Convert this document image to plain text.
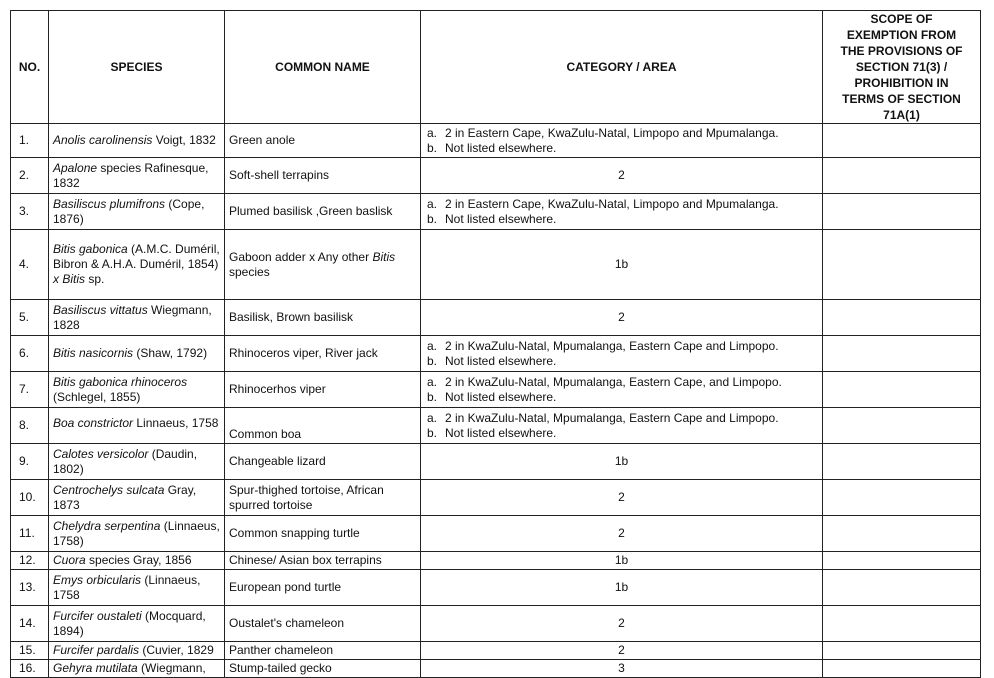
NO.	SPECIES	COMMON NAME	CATEGORY / AREA	SCOPE OF EXEMPTION FROM THE PROVISIONS OF SECTION 71(3) / PROHIBITION IN TERMS OF SECTION 71A(1)
1.	Anolis carolinensis Voigt, 1832	Green anole	a. 2 in Eastern Cape, KwaZulu-Natal, Limpopo and Mpumalanga.
b. Not listed elsewhere.	

2.	Apalone species Rafinesque, 1832	Soft-shell terrapins	2	
3.	Basiliscus plumifrons (Cope, 1876)	Plumed basilisk ,Green baslisk	a. 2 in Eastern Cape, KwaZulu-Natal, Limpopo and Mpumalanga.
b. Not listed elsewhere.	

4.	Bitis gabonica (A.M.C. Duméril, Bibron & A.H.A. Duméril, 1854)
x Bitis sp.	Gaboon adder x Any other Bitis species	1b	
5.	Basiliscus vittatus Wiegmann, 1828	Basilisk, Brown basilisk	2	
6.	Bitis nasicornis (Shaw, 1792)	Rhinoceros viper, River jack	a. 2 in KwaZulu-Natal, Mpumalanga, Eastern Cape and Limpopo.
b. Not listed elsewhere.	

7.	Bitis gabonica rhinoceros (Schlegel, 1855)	Rhinocerhos viper	a. 2 in KwaZulu-Natal, Mpumalanga, Eastern Cape, and Limpopo.
b. Not listed elsewhere.	

8.	Boa constrictor Linnaeus, 1758	Common boa	a. 2 in KwaZulu-Natal, Mpumalanga, Eastern Cape and Limpopo.
b. Not listed elsewhere.	

9.	Calotes versicolor (Daudin, 1802)	Changeable lizard	1b	
10.	Centrochelys sulcata Gray, 1873	Spur-thighed tortoise, African spurred tortoise	2	
11.	Chelydra serpentina (Linnaeus, 1758)	Common snapping turtle	2	
12.	Cuora species Gray, 1856	Chinese/ Asian box terrapins	1b	
13.	Emys orbicularis (Linnaeus, 1758	European pond turtle	1b	
14.	Furcifer oustaleti (Mocquard, 1894)	Oustalet's chameleon	2	
15.	Furcifer pardalis (Cuvier, 1829	Panther chameleon	2	
16.	Gehyra mutilata (Wiegmann,	Stump-tailed gecko	3	
